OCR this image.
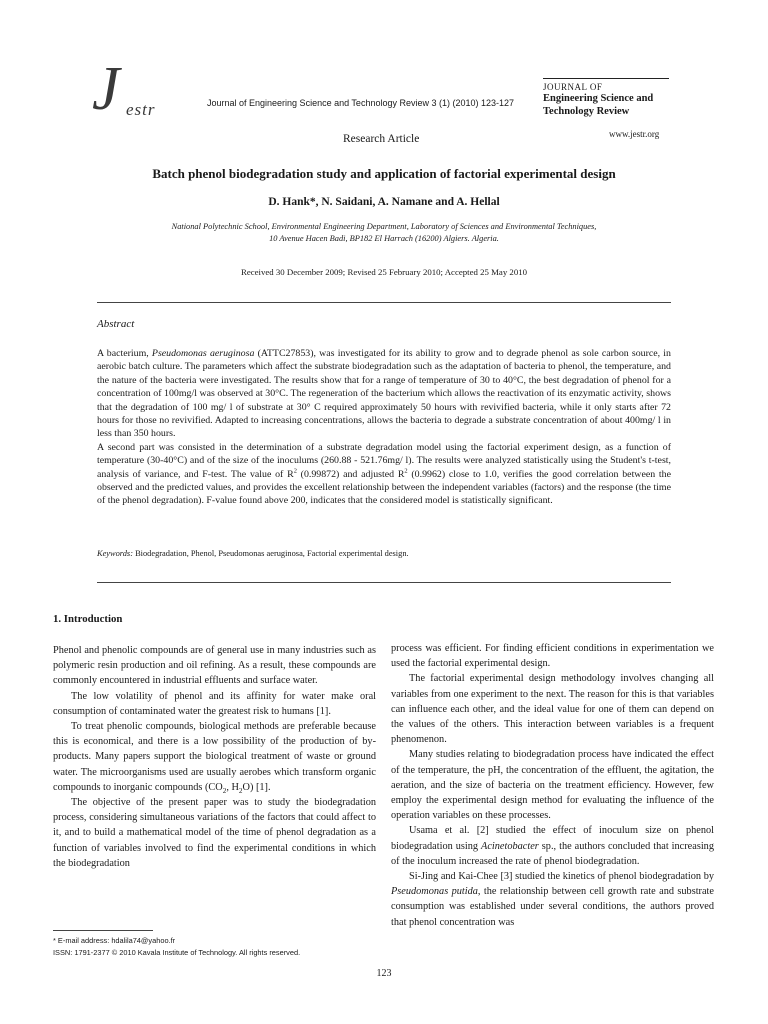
J estr	Journal of Engineering Science and Technology Review 3 (1) (2010) 123-127
JOURNAL OF
Engineering Science and
Technology Review
www.jestr.org
Research Article
Batch phenol biodegradation study and application of factorial experimental design
D. Hank*, N. Saidani, A. Namane and A. Hellal
National Polytechnic School, Environmental Engineering Department, Laboratory of Sciences and Environmental Techniques,
10 Avenue Hacen Badi, BP182 El Harrach (16200) Algiers. Algeria.
Received 30 December 2009; Revised 25 February 2010; Accepted 25 May 2010
Abstract

A bacterium, Pseudomonas aeruginosa (ATTC27853), was investigated for its ability to grow and to degrade phenol as sole carbon source, in aerobic batch culture. The parameters which affect the substrate biodegradation such as the adaptation of bacteria to phenol, the temperature, and the nature of the bacteria were investigated. The results show that for a range of temperature of 30 to 40°C, the best degradation of phenol for a concentration of 100mg/l was observed at 30°C. The regeneration of the bacterium which allows the reactivation of its enzymatic activity, shows that the degradation of 100 mg/ l of substrate at 30° C required approximately 50 hours with revivified bacteria, while it only starts after 72 hours for those no revivified. Adapted to increasing concentrations, allows the bacteria to degrade a substrate concentration of about 400mg/ l in less than 350 hours.

A second part was consisted in the determination of a substrate degradation model using the factorial experiment design, as a function of temperature (30-40°C) and of the size of the inoculums (260.88 - 521.76mg/ l). The results were analyzed statistically using the Student's t-test, analysis of variance, and F-test. The value of $R^2$ (0.99872) and adjusted $R^2$ (0.9962) close to 1.0, verifies the good correlation between the observed and the predicted values, and provides the excellent relationship between the independent variables (factors) and the response (the time of the phenol degradation). F-value found above 200, indicates that the considered model is statistically significant.

Keywords: Biodegradation, Phenol, Pseudomonas aeruginosa, Factorial experimental design.
1. Introduction

Phenol and phenolic compounds are of general use in many industries such as polymeric resin production and oil refining. As a result, these compounds are commonly encountered in industrial effluents and surface water.

The low volatility of phenol and its affinity for water make oral consumption of contaminated water the greatest risk to humans [1].

To treat phenolic compounds, biological methods are preferable because this is economical, and there is a low possibility of the production of by-products. Many papers support the biological treatment of waste or ground water. The microorganisms used are usually aerobes which transform organic compounds to inorganic compounds ($CO_2$, $H_2O$) [1].

The objective of the present paper was to study the biodegradation process, considering simultaneous variations of the factors that could affect to it, and to build a mathematical model of the time of phenol degradation as a function of variables involved to find the experimental conditions in which the biodegradation

process was efficient. For finding efficient conditions in experimentation we used the factorial experimental design.

The factorial experimental design methodology involves changing all variables from one experiment to the next. The reason for this is that variables can influence each other, and the ideal value for one of them can depend on the values of the others. This interaction between variables is a frequent phenomenon.

Many studies relating to biodegradation process have indicated the effect of the temperature, the pH, the concentration of the effluent, the agitation, the aeration, and the size of bacteria on the treatment efficiency. However, few employ the experimental design method for evaluating the influence of the operation variables on these processes.

Usama et al. [2] studied the effect of inoculum size on phenol biodegradation using Acinetobacter sp., the authors concluded that increasing of the inoculum increased the rate of phenol biodegradation.

Si-Jing and Kai-Chee [3] studied the kinetics of phenol biodegradation by Pseudomonas putida, the relationship between cell growth rate and substrate consumption was established under several conditions, the authors proved that phenol concentration was

* E-mail address: hdalila74@yahoo.fr
ISSN: 1791-2377 © 2010 Kavala Institute of Technology. All rights reserved.
123
